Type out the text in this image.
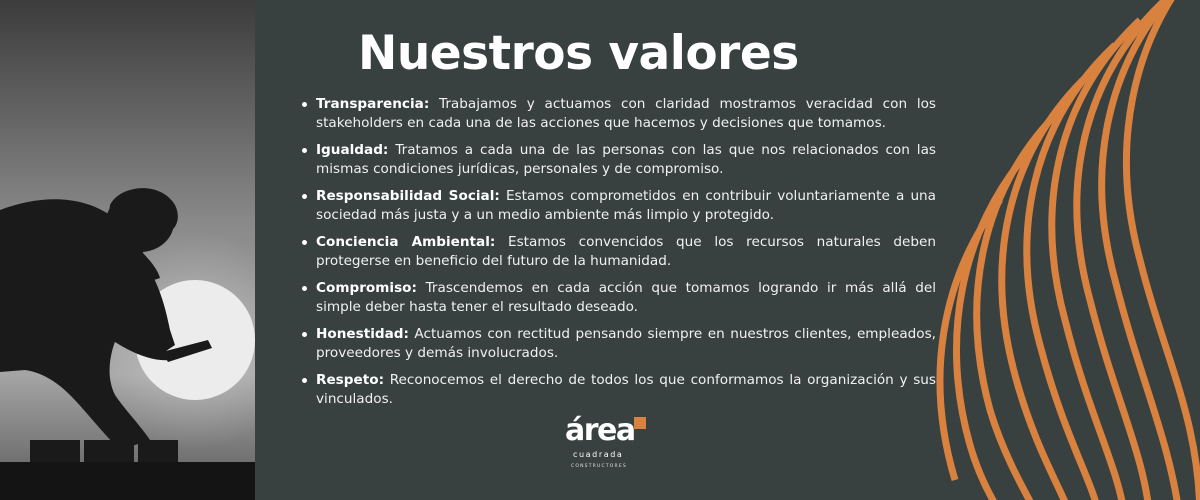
Nuestros valores
Transparencia: Trabajamos y actuamos con claridad mostramos veracidad con los stakeholders en cada una de las acciones que hacemos y decisiones que tomamos.
Igualdad: Tratamos a cada una de las personas con las que nos relacionados con las mismas condiciones jurídicas, personales y de compromiso.
Responsabilidad Social: Estamos comprometidos en contribuir voluntariamente a una sociedad más justa y a un medio ambiente más limpio y protegido.
Conciencia Ambiental: Estamos convencidos que los recursos naturales deben protegerse en beneficio del futuro de la humanidad.
Compromiso: Trascendemos en cada acción que tomamos logrando ir más allá del simple deber hasta tener el resultado deseado.
Honestidad: Actuamos con rectitud pensando siempre en nuestros clientes, empleados, proveedores y demás involucrados.
Respeto: Reconocemos el derecho de todos los que conformamos la organización y sus vinculados.
área
cuadrada
CONSTRUCTORES
